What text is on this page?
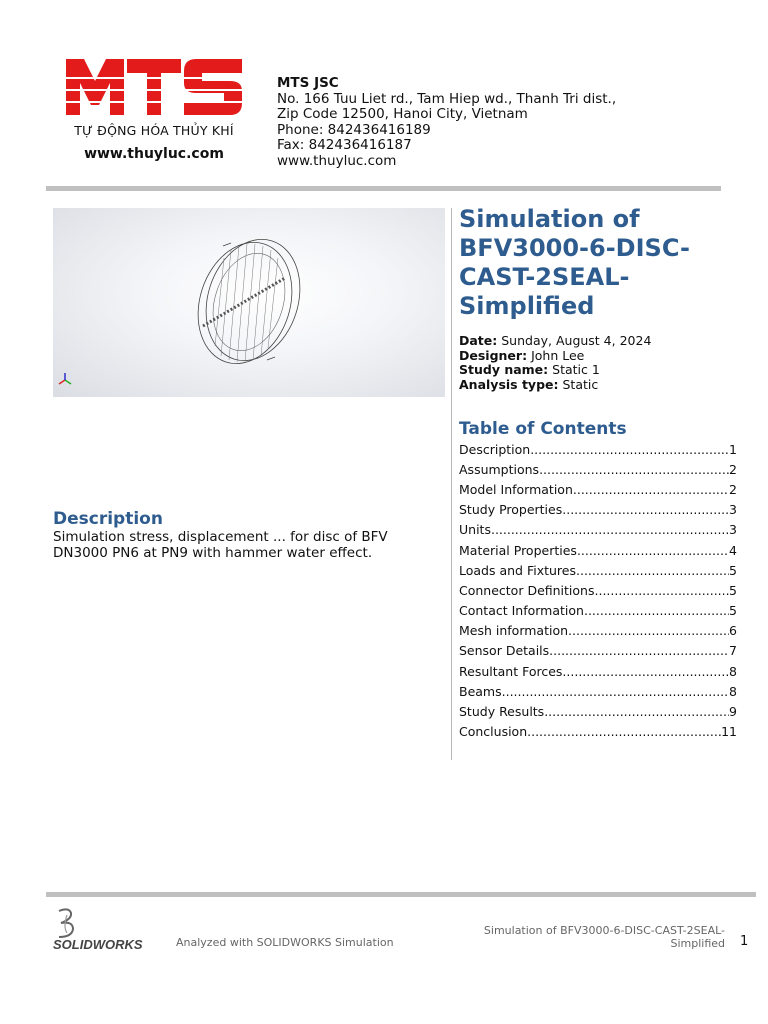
TỰ ĐỘNG HÓA THỦY KHÍ
www.thuyluc.com
MTS JSC
No. 166 Tuu Liet rd., Tam Hiep wd., Thanh Tri dist.,
Zip Code 12500, Hanoi City, Vietnam
Phone: 842436416189
Fax: 842436416187
www.thuyluc.com
Description
Simulation stress, displacement ... for disc of BFV DN3000 PN6 at PN9 with hammer water effect.
Simulation of BFV3000-6-DISC-CAST-2SEAL-Simplified
Date: Sunday, August 4, 2024
Designer: John Lee
Study name: Static 1
Analysis type: Static
Table of Contents
Description .....	1
Assumptions .....	2
Model Information .....	2
Study Properties .....	3
Units .....	3
Material Properties .....	4
Loads and Fixtures .....	5
Connector Definitions .....	5
Contact Information .....	5
Mesh information .....	6
Sensor Details .....	7
Resultant Forces .....	8
Beams .....	8
Study Results .....	9
Conclusion .....	11
SOLIDWORKS	Analyzed with SOLIDWORKS Simulation
Simulation of BFV3000-6-DISC-CAST-2SEAL-
Simplified 1
